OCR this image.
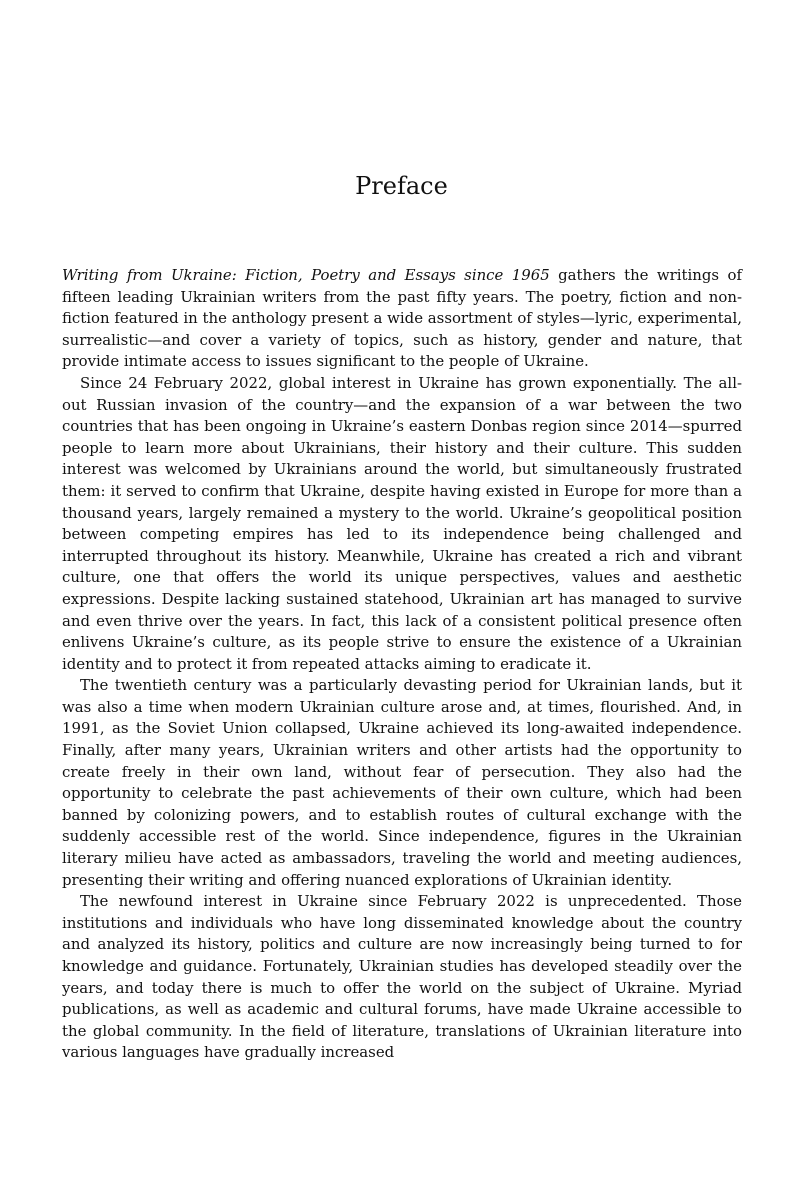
Preface

Writing from Ukraine: Fiction, Poetry and Essays since 1965 gathers the writings of fifteen leading Ukrainian writers from the past fifty years. The poetry, fiction and non-fiction featured in the anthology present a wide assortment of styles—lyric, experimental, surrealistic—and cover a variety of topics, such as history, gender and nature, that provide intimate access to issues significant to the people of Ukraine.

Since 24 February 2022, global interest in Ukraine has grown exponentially. The all-out Russian invasion of the country—and the expansion of a war between the two countries that has been ongoing in Ukraine’s eastern Donbas region since 2014—spurred people to learn more about Ukrainians, their history and their culture. This sudden interest was welcomed by Ukrainians around the world, but simultaneously frustrated them: it served to confirm that Ukraine, despite having existed in Europe for more than a thousand years, largely remained a mystery to the world. Ukraine’s geopolitical position between competing empires has led to its independence being challenged and interrupted throughout its history. Meanwhile, Ukraine has created a rich and vibrant culture, one that offers the world its unique perspectives, values and aesthetic expressions. Despite lacking sustained statehood, Ukrainian art has managed to survive and even thrive over the years. In fact, this lack of a consistent political presence often enlivens Ukraine’s culture, as its people strive to ensure the existence of a Ukrainian identity and to protect it from repeated attacks aiming to eradicate it.

The twentieth century was a particularly devasting period for Ukrainian lands, but it was also a time when modern Ukrainian culture arose and, at times, flourished. And, in 1991, as the Soviet Union collapsed, Ukraine achieved its long-awaited independence. Finally, after many years, Ukrainian writers and other artists had the opportunity to create freely in their own land, without fear of persecution. They also had the opportunity to celebrate the past achievements of their own culture, which had been banned by colonizing powers, and to establish routes of cultural exchange with the suddenly accessible rest of the world. Since independence, figures in the Ukrainian literary milieu have acted as ambassadors, traveling the world and meeting audiences, presenting their writing and offering nuanced explorations of Ukrainian identity.

The newfound interest in Ukraine since February 2022 is unprecedented. Those institutions and individuals who have long disseminated knowledge about the country and analyzed its history, politics and culture are now increasingly being turned to for knowledge and guidance. Fortunately, Ukrainian studies has developed steadily over the years, and today there is much to offer the world on the subject of Ukraine. Myriad publications, as well as academic and cultural forums, have made Ukraine accessible to the global community. In the field of literature, translations of Ukrainian literature into various languages have gradually increased
